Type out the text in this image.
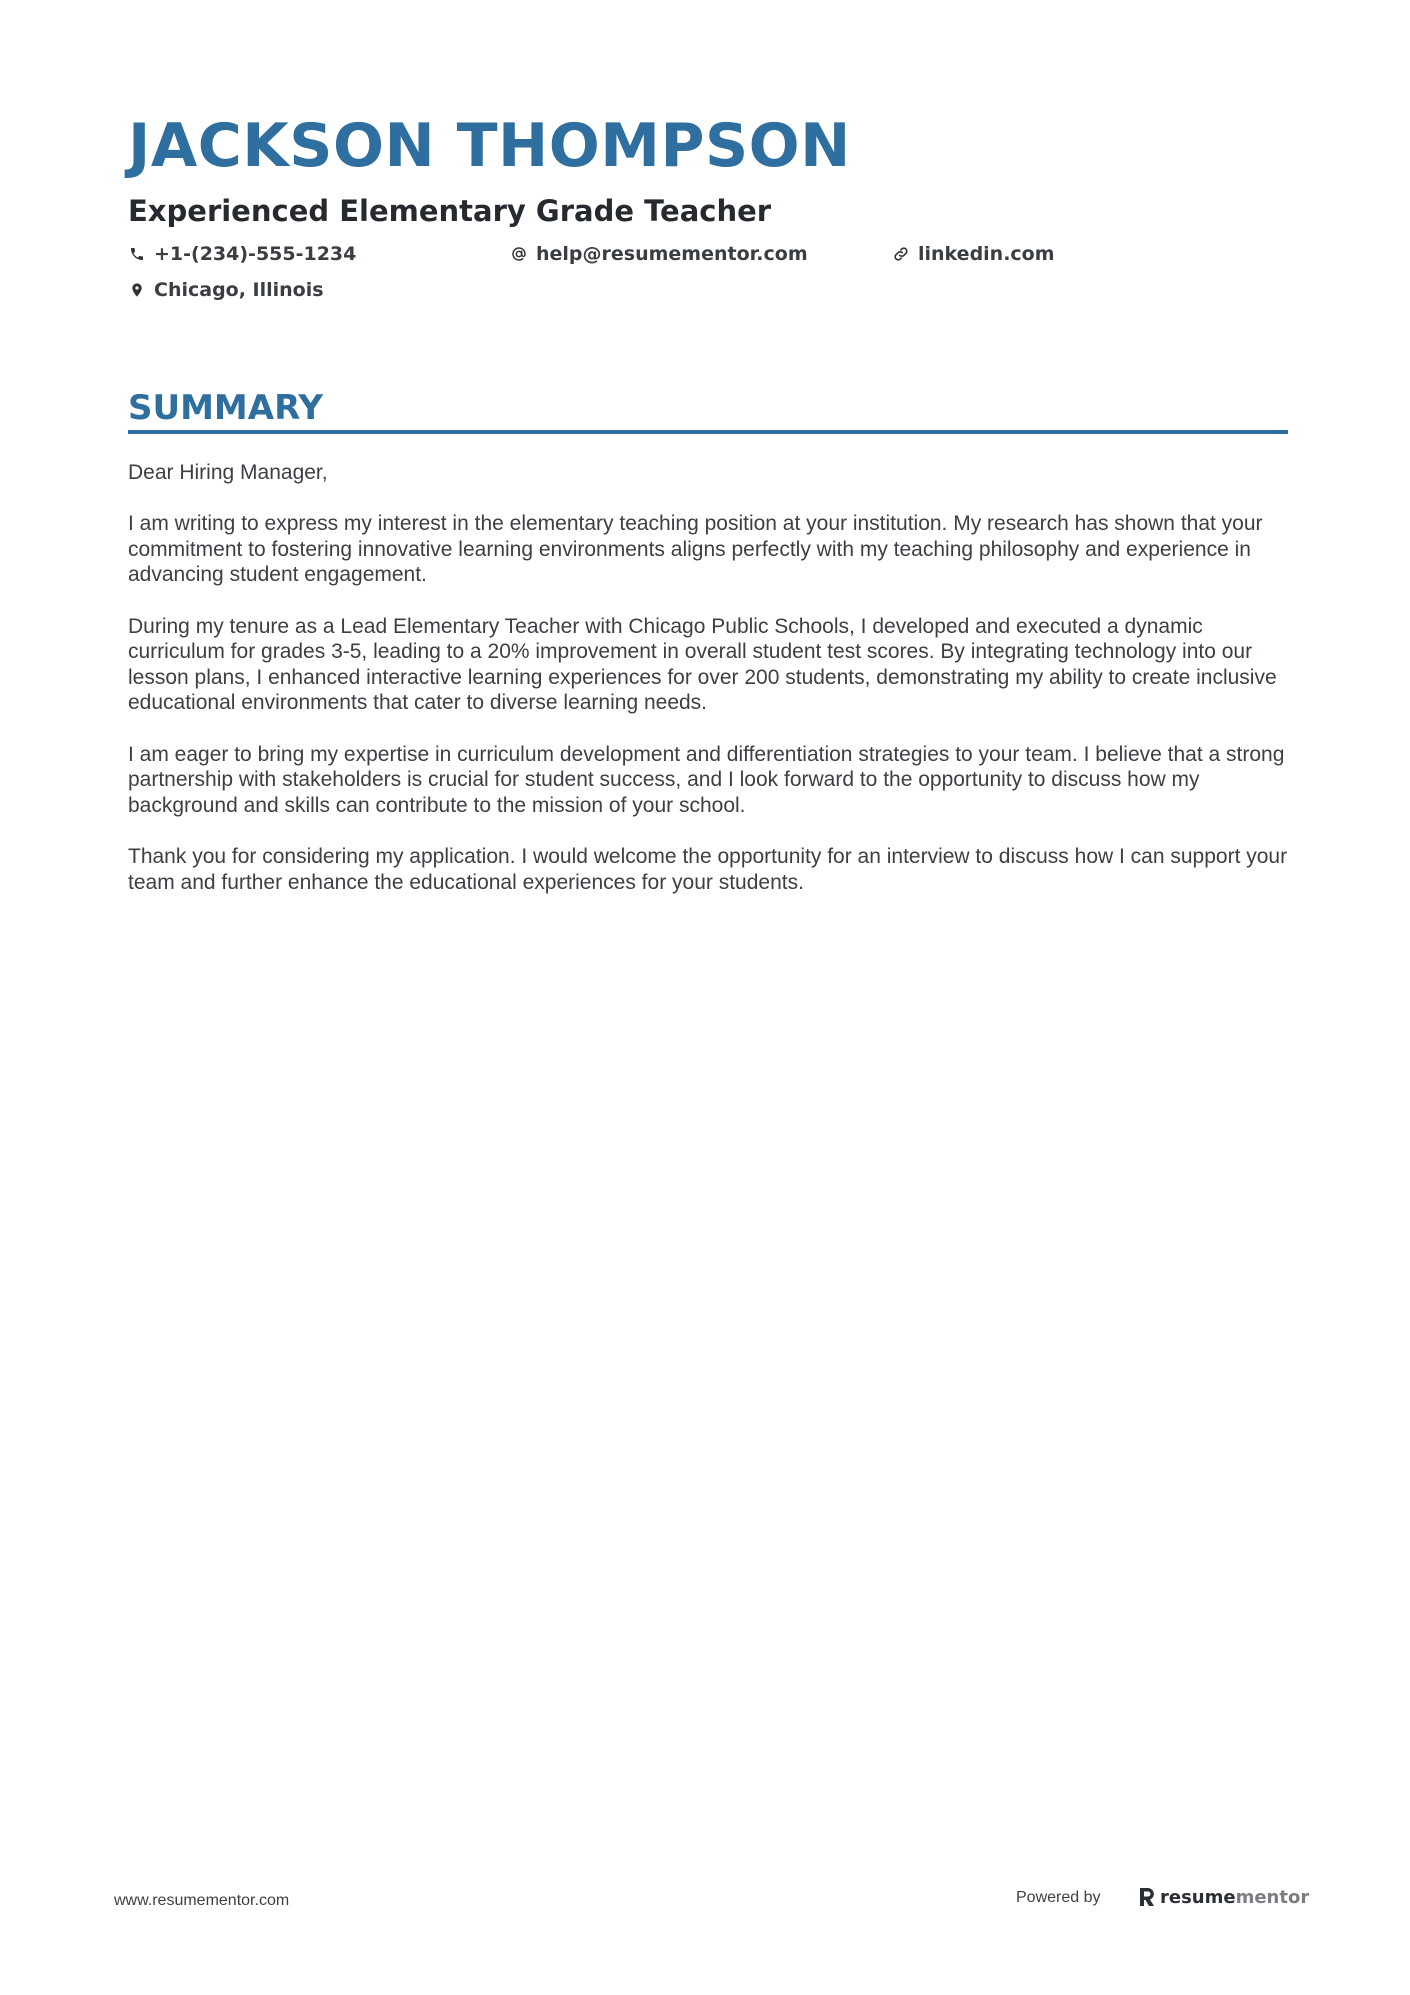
JACKSON THOMPSON
Experienced Elementary Grade Teacher
+1-(234)-555-1234	help@resumementor.com	linkedin.com
Chicago, Illinois
SUMMARY

Dear Hiring Manager,

I am writing to express my interest in the elementary teaching position at your institution. My research has shown that your commitment to fostering innovative learning environments aligns perfectly with my teaching philosophy and experience in advancing student engagement.

During my tenure as a Lead Elementary Teacher with Chicago Public Schools, I developed and executed a dynamic curriculum for grades 3-5, leading to a 20% improvement in overall student test scores. By integrating technology into our lesson plans, I enhanced interactive learning experiences for over 200 students, demonstrating my ability to create inclusive educational environments that cater to diverse learning needs.

I am eager to bring my expertise in curriculum development and differentiation strategies to your team. I believe that a strong partnership with stakeholders is crucial for student success, and I look forward to the opportunity to discuss how my background and skills can contribute to the mission of your school.

Thank you for considering my application. I would welcome the opportunity for an interview to discuss how I can support your team and further enhance the educational experiences for your students.

www.resumementor.com	Powered by	resume mentor
